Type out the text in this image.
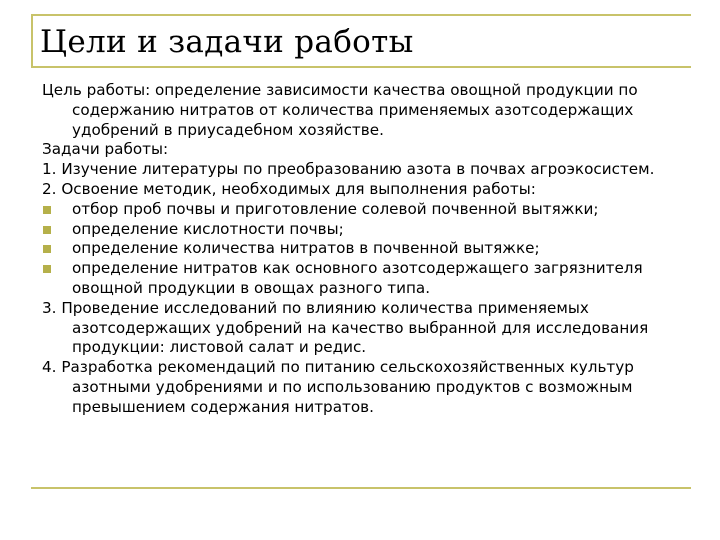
Цели и задачи работы

Цель работы: определение зависимости качества овощной продукции по содержанию нитратов от количества применяемых азотсодержащих удобрений в приусадебном хозяйстве.

Задачи работы:

1. Изучение литературы по преобразованию азота в почвах агроэкосистем.

2. Освоение методик, необходимых для выполнения работы:

отбор проб почвы и приготовление солевой почвенной вытяжки;

определение кислотности почвы;

определение количества нитратов в почвенной вытяжке;

определение нитратов как основного азотсодержащего загрязнителя овощной продукции в овощах разного типа.

3. Проведение исследований по влиянию количества применяемых азотсодержащих удобрений на качество выбранной для исследования продукции: листовой салат и редис.

4. Разработка рекомендаций по питанию сельскохозяйственных культур азотными удобрениями и по использованию продуктов с возможным превышением содержания нитратов.
